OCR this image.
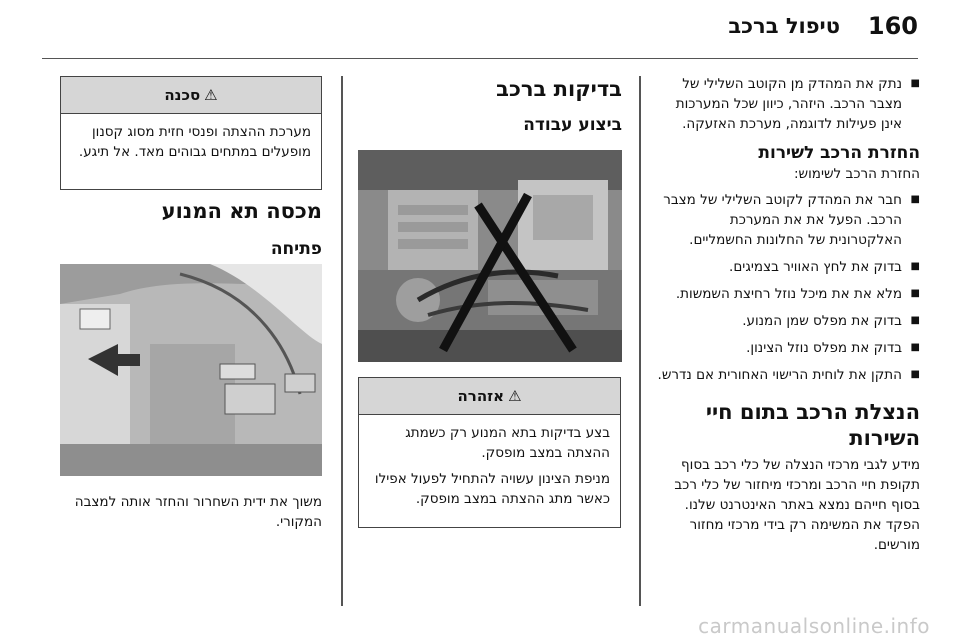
160
טיפול ברכב
■ נתק את המהדק מן הקוטב השלילי של מצבר הרכב. היזהר, כיוון שכל המערכות אינן פעילות לדוגמה, מערכת האזעקה.

החזרת הרכב לשירות

החזרת הרכב לשימוש:

■ חבר את המהדק לקוטב השלילי של מצבר הרכב. הפעל את את המערכת האלקטרונית של החלונות החשמליים.
■ בדוק את לחץ האוויר בצמיגים.
■ מלא את את מיכל נוזל רחיצת השמשות.
■ בדוק את מפלס שמן המנוע.
■ בדוק את מפלס נוזל הצינון.
■ התקן את לוחית הרישוי האחורית אם נדרש.

הנצלת הרכב בתום חיי השירות

מידע לגבי מרכזי הנצלה של כלי רכב בסוף תקופת חיי הרכב ומרכזי מיחזור של כלי רכב בסוף חייהם נמצא באתר האינטרנט שלנו. הפקד את המשימה רק בידי מרכזי מחזור מורשים.

בדיקות ברכב

ביצוע עבודה

⚠אזהרה

בצע בדיקות בתא המנוע רק כשמתג ההצתה במצב מופסק.

מניפת הצינון עשויה להתחיל לפעול אפילו כאשר מתג ההצתה במצב מופסק.

⚠סכנה

מערכת ההצתה ופנסי חזית מסוג קסנון מופעלים במתחים גבוהים מאד. אל תיגע.

מכסה תא המנוע

פתיחה

משוך את ידית השחרור והחזר אותה למצבה המקורי.

carmanualsonline.info
